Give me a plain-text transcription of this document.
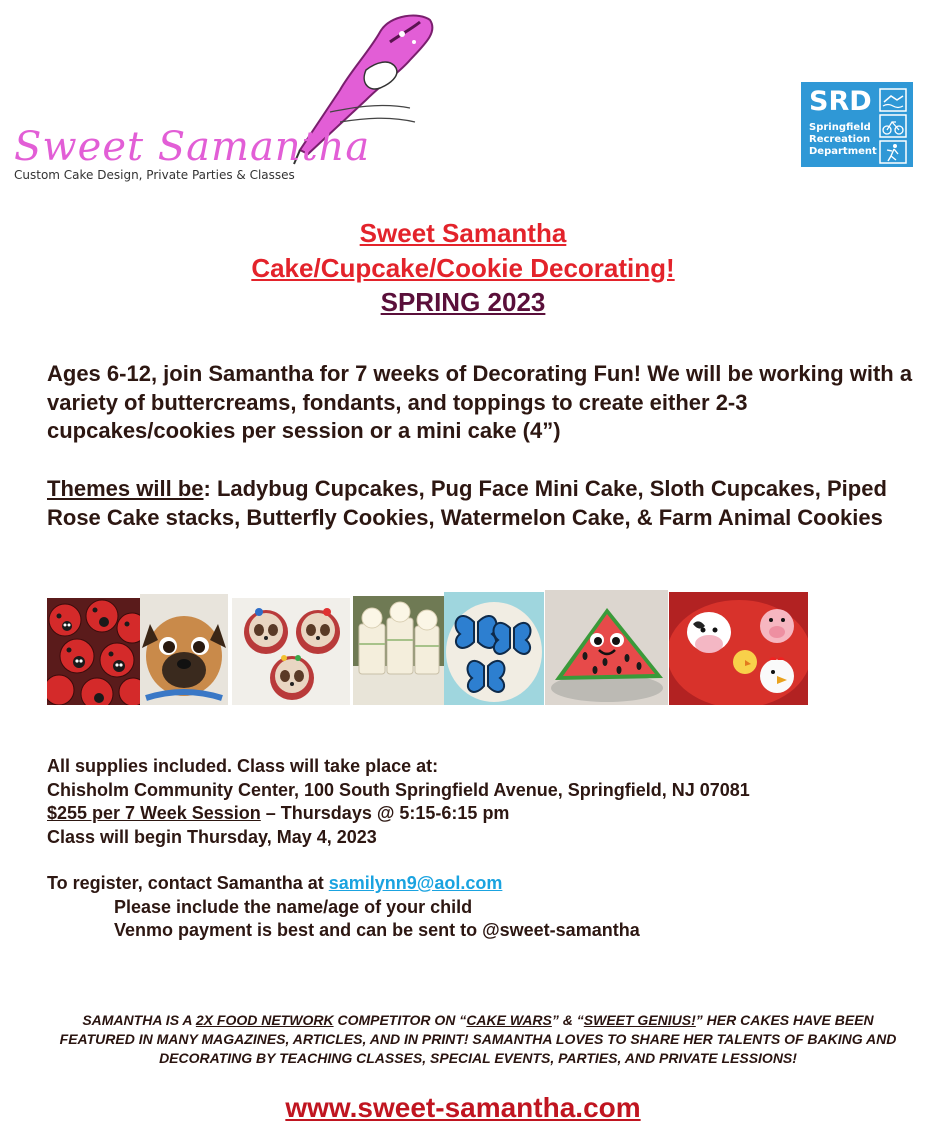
Sweet Samantha
Custom Cake Design, Private Parties & Classes
SRD
Springfield
Recreation
Department
Sweet Samantha
Cake/Cupcake/Cookie Decorating!
SPRING 2023
Ages 6-12, join Samantha for 7 weeks of Decorating Fun! We will be working with a variety of buttercreams, fondants, and toppings to create either 2-3 cupcakes/cookies per session or a mini cake (4”)
Themes will be: Ladybug Cupcakes, Pug Face Mini Cake, Sloth Cupcakes, Piped Rose Cake stacks, Butterfly Cookies, Watermelon Cake, & Farm Animal Cookies
All supplies included. Class will take place at:
Chisholm Community Center, 100 South Springfield Avenue, Springfield, NJ 07081
$255 per 7 Week Session – Thursdays @ 5:15-6:15 pm
Class will begin Thursday, May 4, 2023
To register, contact Samantha at samilynn9@aol.com
Please include the name/age of your child
Venmo payment is best and can be sent to @sweet-samantha
SAMANTHA IS A 2X FOOD NETWORK COMPETITOR ON “CAKE WARS” & “SWEET GENIUS!” HER CAKES HAVE BEEN FEATURED IN MANY MAGAZINES, ARTICLES, AND IN PRINT! SAMANTHA LOVES TO SHARE HER TALENTS OF BAKING AND DECORATING BY TEACHING CLASSES, SPECIAL EVENTS, PARTIES, AND PRIVATE LESSIONS!
www.sweet-samantha.com
